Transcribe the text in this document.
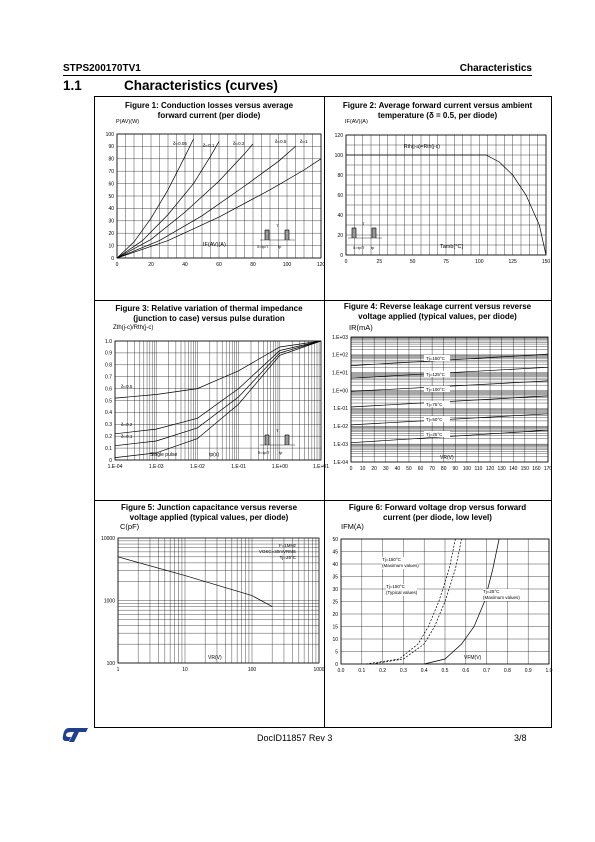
STPS200170TV1	Characteristics
1.1	Characteristics (curves)
Figure 1: Conduction losses versus average
forward current (per diode)
Figure 2: Average forward current versus ambient
temperature (δ = 0.5, per diode)
Figure 3: Relative variation of thermal impedance
(junction to case) versus pulse duration
Figure 4: Reverse leakage current versus reverse
voltage applied (typical values, per diode)
Figure 5: Junction capacitance versus reverse
voltage applied (typical values, per diode)
Figure 6: Forward voltage drop versus forward
current (per diode, low level)
0	20	40	60	80	100	120
0
10
20
30
40
50
60
70
80
90
100
δ=0.05	δ=0.1	δ=0.2	δ=0.5	δ=1
δ=tp/T tp
T
0	25	50	75	100	125	150
0
20
40
60
80
100
120
δ=tp/T tp
T
1.E-04	1.E-03	1.E-02	1.E-01	1.E+00	1.E+01
0
0.1
0.2
0.3
0.4
0.5
0.6
0.7
0.8
0.9
1.0
δ=0.5
δ=0.2
δ=0.1
δ=tp/T tp
T
0 10 20 30 40 50 60 70 80 90 100 110 120 130 140 150 160 170
1.E-04
1.E-03
1.E-02
1.E-01
1.E+00
1.E+01
1.E+02
1.E+03
Tj=150°C
Tj=125°C
Tj=100°C
Tj=75°C
Tj=50°C
Tj=25°C
1	10	100	1000
100
1000
10000
0.0	0.1	0.2	0.3	0.4	0.5	0.6	0.7	0.8	0.9	1.0
0
5
10
15
20
25
30
35
40
45
50
P(AV)(W)
IF(AV)(A)
IF(AV)(A)
Tamb(°C)
Rth(j-a)=Rth(j-c)
Zth(j-c)/Rth(j-c)
tp(s)
Single pulse
IR(mA)
VR(V)
C(pF)
VR(V)
F=1MHz
VOSC=30mVRMS
Tj=25°C
IFM(A)
VFM(V)
Tj=150°C
(Maximum values)
Tj=150°C
(Typical values)	Tj=25°C
(Maximum values)
DocID11857 Rev 3	3/8
